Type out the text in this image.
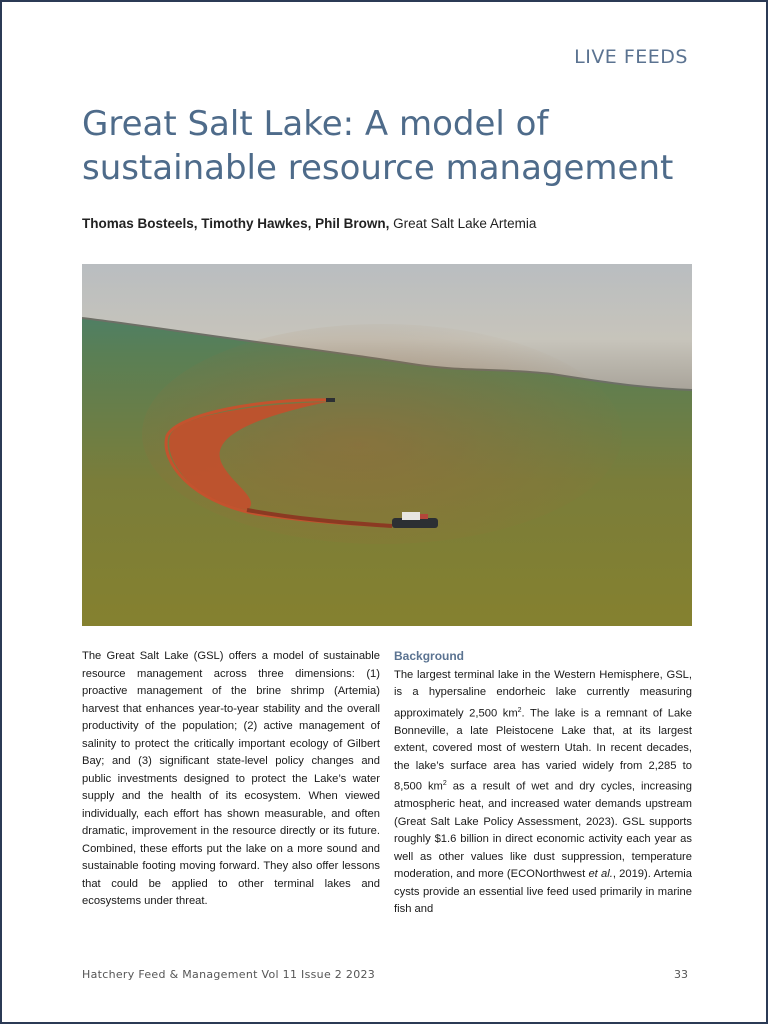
LIVE FEEDS
Great Salt Lake: A model of sustainable resource management
Thomas Bosteels, Timothy Hawkes, Phil Brown, Great Salt Lake Artemia

The Great Salt Lake (GSL) offers a model of sustainable resource management across three dimensions: (1) proactive management of the brine shrimp (Artemia) harvest that enhances year-to-year stability and the overall productivity of the population; (2) active management of salinity to protect the critically important ecology of Gilbert Bay; and (3) significant state-level policy changes and public investments designed to protect the Lake’s water supply and the health of its ecosystem. When viewed individually, each effort has shown measurable, and often dramatic, improvement in the resource directly or its future. Combined, these efforts put the lake on a more sound and sustainable footing moving forward. They also offer lessons that could be applied to other terminal lakes and ecosystems under threat.

Background

The largest terminal lake in the Western Hemisphere, GSL, is a hypersaline endorheic lake currently measuring approximately 2,500 $km^2$. The lake is a remnant of Lake Bonneville, a late Pleistocene Lake that, at its largest extent, covered most of western Utah. In recent decades, the lake’s surface area has varied widely from 2,285 to 8,500 $km^2$ as a result of wet and dry cycles, increasing atmospheric heat, and increased water demands upstream (Great Salt Lake Policy Assessment, 2023). GSL supports roughly $1.6 billion in direct economic activity each year as well as other values like dust suppression, temperature moderation, and more (ECONorthwest et al., 2019). Artemia cysts provide an essential live feed used primarily in marine fish and

Hatchery Feed & Management Vol 11 Issue 2 2023	33
